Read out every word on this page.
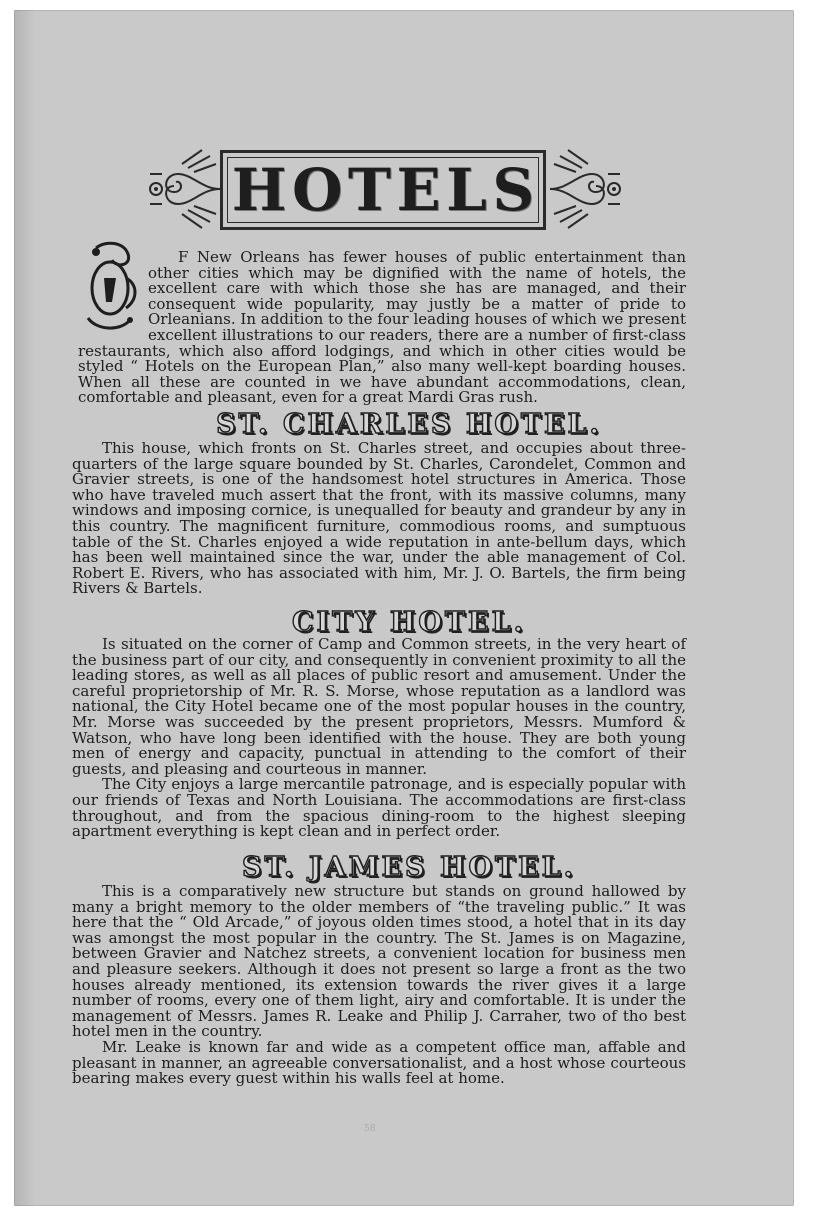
H O T E L S

F New Orleans has fewer houses of public entertainment than other cities which may be dignified with the name of hotels, the excellent care with which those she has are managed, and their consequent wide popularity, may justly be a matter of pride to Orleanians. In addition to the four leading houses of which we present excellent illustrations to our readers, there are a number of first-class restaurants, which also afford lodgings, and which in other cities would be styled “ Hotels on the European Plan,” also many well-kept boarding houses. When all these are counted in we have abundant accommodations, clean, comfortable and pleasant, even for a great Mardi Gras rush.

ST. CHARLES HOTEL.

This house, which fronts on St. Charles street, and occupies about three-quarters of the large square bounded by St. Charles, Carondelet, Common and Gravier streets, is one of the handsomest hotel structures in America. Those who have traveled much assert that the front, with its massive columns, many windows and imposing cornice, is unequalled for beauty and grandeur by any in this country. The magnificent furniture, commodious rooms, and sumptuous table of the St. Charles enjoyed a wide reputation in ante-bellum days, which has been well maintained since the war, under the able management of Col. Robert E. Rivers, who has associated with him, Mr. J. O. Bartels, the firm being Rivers & Bartels.

CITY HOTEL.

Is situated on the corner of Camp and Common streets, in the very heart of the business part of our city, and consequently in convenient proximity to all the leading stores, as well as all places of public resort and amusement. Under the careful proprietorship of Mr. R. S. Morse, whose reputation as a landlord was national, the City Hotel became one of the most popular houses in the country, Mr. Morse was succeeded by the present proprietors, Messrs. Mumford & Watson, who have long been identified with the house. They are both young men of energy and capacity, punctual in attending to the comfort of their guests, and pleasing and courteous in manner.

The City enjoys a large mercantile patronage, and is especially popular with our friends of Texas and North Louisiana. The accommodations are first-class throughout, and from the spacious dining-room to the highest sleeping apartment everything is kept clean and in perfect order.

ST. JAMES HOTEL.

This is a comparatively new structure but stands on ground hallowed by many a bright memory to the older members of “the traveling public.” It was here that the “ Old Arcade,” of joyous olden times stood, a hotel that in its day was amongst the most popular in the country. The St. James is on Magazine, between Gravier and Natchez streets, a convenient location for business men and pleasure seekers. Although it does not present so large a front as the two houses already mentioned, its extension towards the river gives it a large number of rooms, every one of them light, airy and comfortable. It is under the management of Messrs. James R. Leake and Philip J. Carraher, two of tho best hotel men in the country.

Mr. Leake is known far and wide as a competent office man, affable and pleasant in manner, an agreeable conversationalist, and a host whose courteous bearing makes every guest within his walls feel at home.

58
